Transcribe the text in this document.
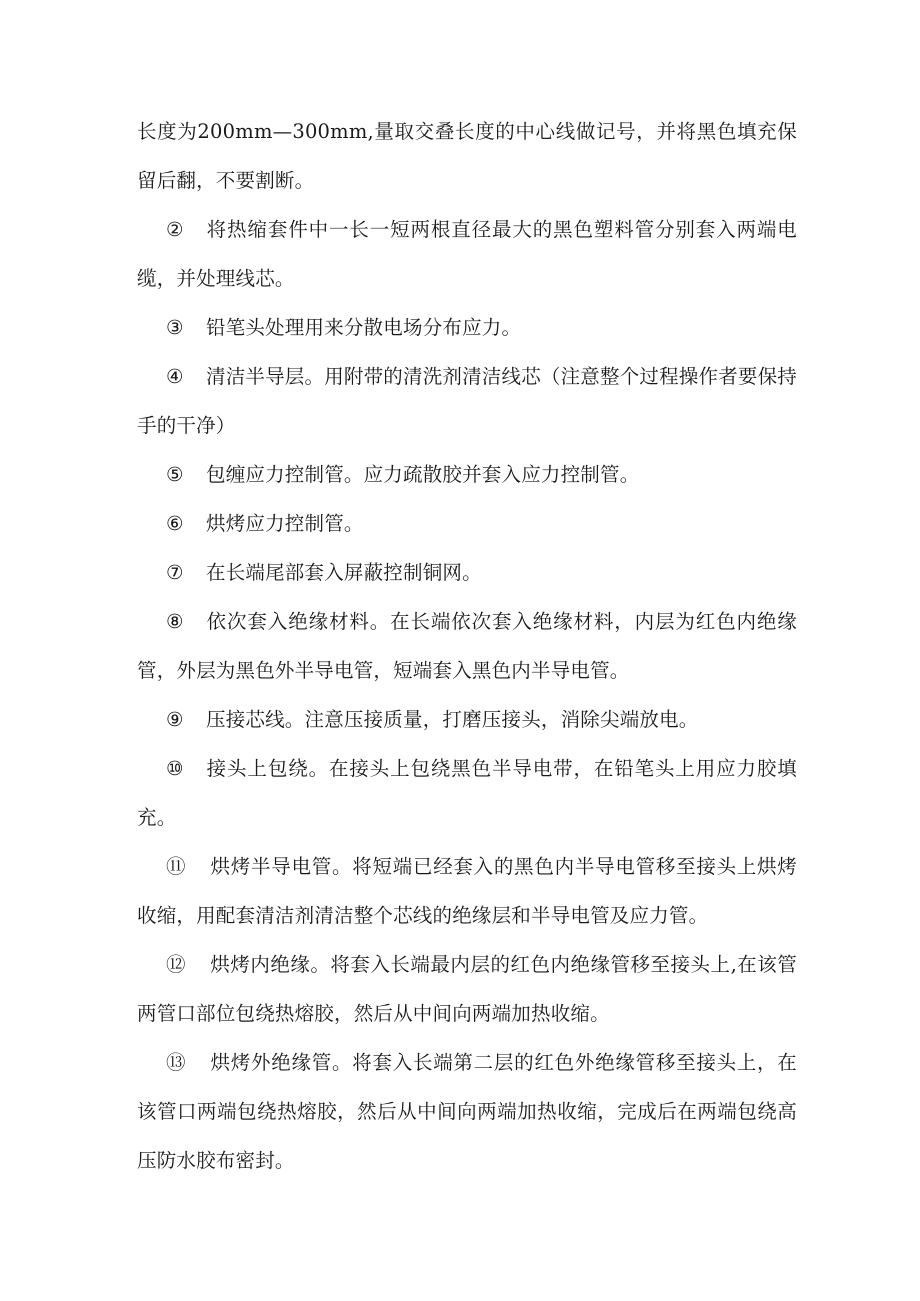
长度为200mm—300mm,量取交叠长度的中心线做记号，并将黑色填充保留后翻，不要割断。

② 将热缩套件中一长一短两根直径最大的黑色塑料管分别套入两端电缆，并处理线芯。

③ 铅笔头处理用来分散电场分布应力。

④ 清洁半导层。用附带的清洗剂清洁线芯（注意整个过程操作者要保持手的干净）

⑤ 包缠应力控制管。应力疏散胶并套入应力控制管。

⑥ 烘烤应力控制管。

⑦ 在长端尾部套入屏蔽控制铜网。

⑧ 依次套入绝缘材料。在长端依次套入绝缘材料，内层为红色内绝缘管，外层为黑色外半导电管，短端套入黑色内半导电管。

⑨ 压接芯线。注意压接质量，打磨压接头，消除尖端放电。

⑩ 接头上包绕。在接头上包绕黑色半导电带，在铅笔头上用应力胶填充。

⑪ 烘烤半导电管。将短端已经套入的黑色内半导电管移至接头上烘烤收缩，用配套清洁剂清洁整个芯线的绝缘层和半导电管及应力管。

⑫ 烘烤内绝缘。将套入长端最内层的红色内绝缘管移至接头上,在该管两管口部位包绕热熔胶，然后从中间向两端加热收缩。

⑬ 烘烤外绝缘管。将套入长端第二层的红色外绝缘管移至接头上，在该管口两端包绕热熔胶，然后从中间向两端加热收缩，完成后在两端包绕高压防水胶布密封。
